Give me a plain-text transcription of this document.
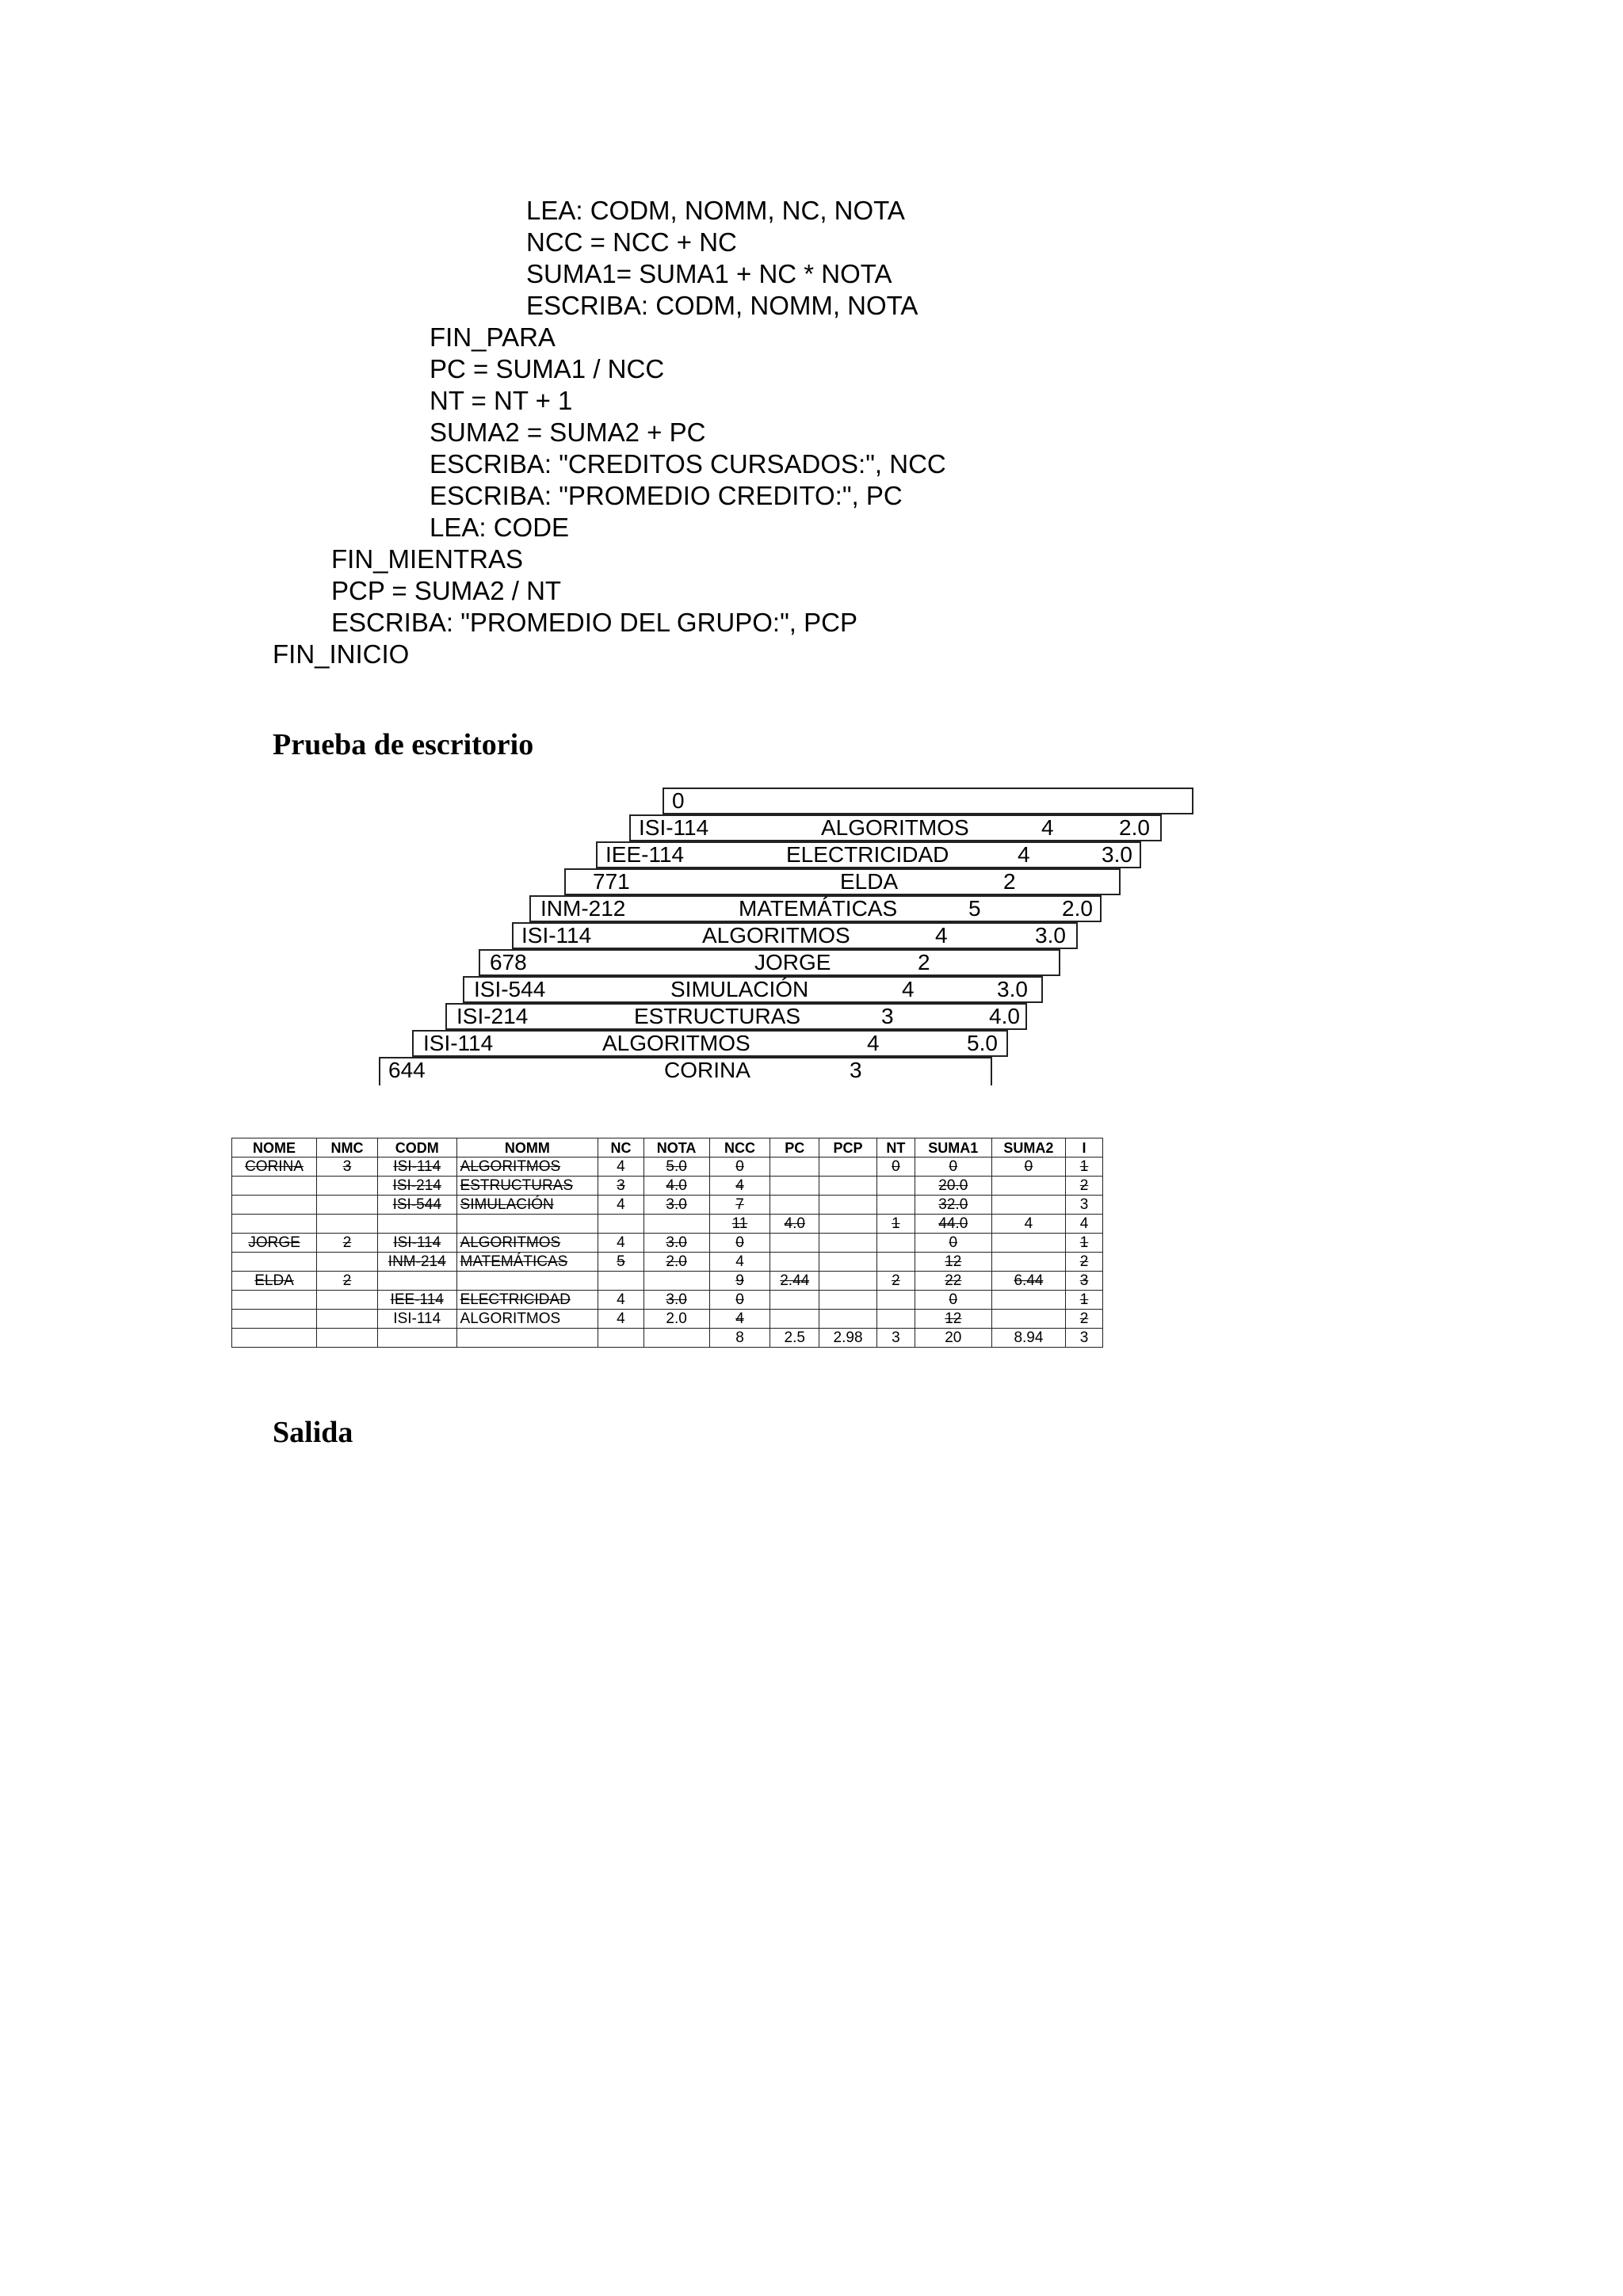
LEA: CODM, NOMM, NC, NOTA
NCC = NCC + NC
SUMA1= SUMA1 + NC * NOTA
ESCRIBA: CODM, NOMM, NOTA
FIN_PARA
PC = SUMA1 / NCC
NT = NT + 1
SUMA2 = SUMA2 + PC
ESCRIBA: "CREDITOS CURSADOS:", NCC
ESCRIBA: "PROMEDIO CREDITO:", PC
LEA: CODE
FIN_MIENTRAS
PCP = SUMA2 / NT
ESCRIBA: "PROMEDIO DEL GRUPO:", PCP
FIN_INICIO
Prueba de escritorio
0
ISI-114	ALGORITMOS	4	2.0
IEE-114	ELECTRICIDAD	4	3.0
771	ELDA	2
INM-212	MATEMÁTICAS	5	2.0
ISI-114	ALGORITMOS	4	3.0
678	JORGE	2
ISI-544	SIMULACIÓN	4	3.0
ISI-214	ESTRUCTURAS	3	4.0
ISI-114	ALGORITMOS	4	5.0
644	CORINA	3
NOME	NMC	CODM	NOMM	NC	NOTA	NCC	PC	PCP	NT	SUMA1	SUMA2	I
CORINA	3	ISI-114	ALGORITMOS	4	5.0	0			0	0	0	1
		ISI-214	ESTRUCTURAS	3	4.0	4				20.0		2
		ISI-544	SIMULACIÓN	4	3.0	7				32.0		3
						11	4.0		1	44.0	4	4
JORGE	2	ISI-114	ALGORITMOS	4	3.0	0				0		1
		INM-214	MATEMÁTICAS	5	2.0	4				12		2
ELDA	2					9	2.44		2	22	6.44	3
		IEE-114	ELECTRICIDAD	4	3.0	0				0		1
		ISI-114	ALGORITMOS	4	2.0	4				12		2
						8	2.5	2.98	3	20	8.94	3
Salida
